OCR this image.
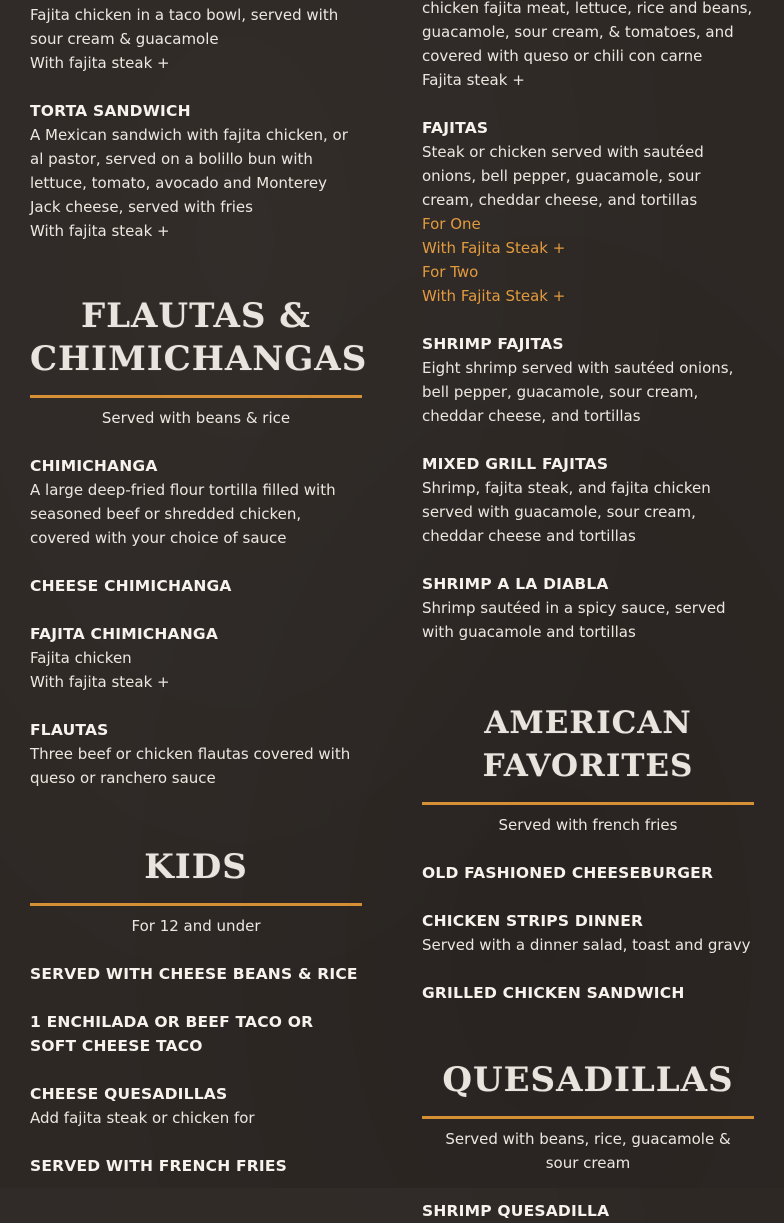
Fajita chicken in a taco bowl, served with sour cream & guacamole

With fajita steak +

TORTA SANDWICH

A Mexican sandwich with fajita chicken, or al pastor, served on a bolillo bun with lettuce, tomato, avocado and Monterey Jack cheese, served with fries

With fajita steak +

FLAUTAS &

CHIMICHANGAS

Served with beans & rice

CHIMICHANGA

A large deep-fried flour tortilla filled with seasoned beef or shredded chicken, covered with your choice of sauce

CHEESE CHIMICHANGA

FAJITA CHIMICHANGA

Fajita chicken

With fajita steak +

FLAUTAS

Three beef or chicken flautas covered with queso or ranchero sauce

KIDS

For 12 and under

SERVED WITH CHEESE BEANS & RICE

1 ENCHILADA OR BEEF TACO OR SOFT CHEESE TACO

CHEESE QUESADILLAS

Add fajita steak or chicken for

SERVED WITH FRENCH FRIES

chicken fajita meat, lettuce, rice and beans, guacamole, sour cream, & tomatoes, and covered with queso or chili con carne

Fajita steak +

FAJITAS

Steak or chicken served with sautéed onions, bell pepper, guacamole, sour cream, cheddar cheese, and tortillas

For One

With Fajita Steak +

For Two

With Fajita Steak +

SHRIMP FAJITAS

Eight shrimp served with sautéed onions, bell pepper, guacamole, sour cream, cheddar cheese, and tortillas

MIXED GRILL FAJITAS

Shrimp, fajita steak, and fajita chicken served with guacamole, sour cream, cheddar cheese and tortillas

SHRIMP A LA DIABLA

Shrimp sautéed in a spicy sauce, served with guacamole and tortillas

AMERICAN FAVORITES

Served with french fries

OLD FASHIONED CHEESEBURGER

CHICKEN STRIPS DINNER

Served with a dinner salad, toast and gravy

GRILLED CHICKEN SANDWICH

QUESADILLAS

Served with beans, rice, guacamole & sour cream

SHRIMP QUESADILLA
